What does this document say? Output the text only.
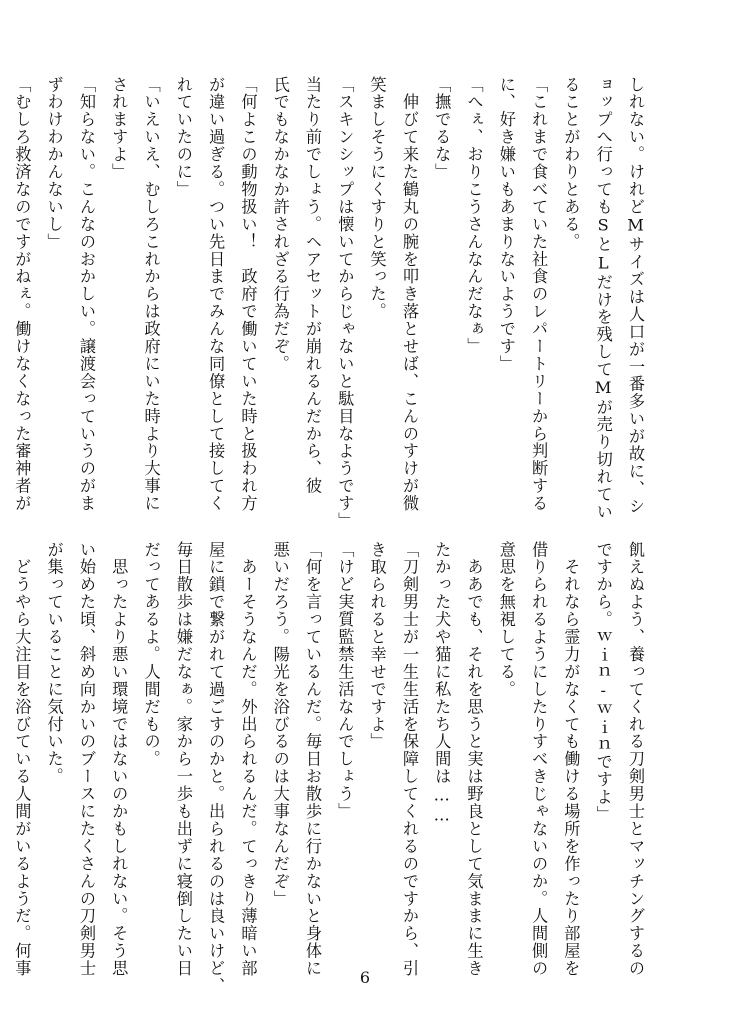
しれない。けれどMサイズは人口が一番多いが故に、シ

ョップへ行ってもSとLだけを残してMが売り切れてい

ることがわりとある。

「これまで食べていた社食のレパートリーから判断する

に、好き嫌いもあまりないようです」

「へぇ、おりこうさんなんだなぁ」

「撫でるな」

　伸びて来た鶴丸の腕を叩き落とせば、こんのすけが微

笑ましそうにくすりと笑った。

「スキンシップは懐いてからじゃないと駄目なようです」

当たり前でしょう。ヘアセットが崩れるんだから、彼

氏でもなかなか許されざる行為だぞ。

「何よこの動物扱い！　政府で働いていた時と扱われ方

が違い過ぎる。つい先日までみんな同僚として接してく

れていたのに」

「いえいえ、むしろこれからは政府にいた時より大事に

されますよ」

「知らない。こんなのおかしい。譲渡会っていうのがま

ずわけわかんないし」

「むしろ救済なのですがねぇ。働けなくなった審神者が

飢えぬよう、養ってくれる刀剣男士とマッチングするの

ですから。ｗｉｎ‐ｗｉｎですよ」

　それなら霊力がなくても働ける場所を作ったり部屋を

借りられるようにしたりすべきじゃないのか。人間側の

意思を無視してる。

　ああでも、それを思うと実は野良として気ままに生き

たかった犬や猫に私たち人間は……

「刀剣男士が一生生活を保障してくれるのですから、引

き取られると幸せですよ」

「けど実質監禁生活なんでしょう」

「何を言っているんだ。毎日お散歩に行かないと身体に

悪いだろう。陽光を浴びるのは大事なんだぞ」

　あーそうなんだ。外出られるんだ。てっきり薄暗い部

屋に鎖で繋がれて過ごすのかと。出られるのは良いけど、

毎日散歩は嫌だなぁ。家から一歩も出ずに寝倒したい日

だってあるよ。人間だもの。

　思ったより悪い環境ではないのかもしれない。そう思

い始めた頃、斜め向かいのブースにたくさんの刀剣男士

が集っていることに気付いた。

　どうやら大注目を浴びている人間がいるようだ。何事

6
